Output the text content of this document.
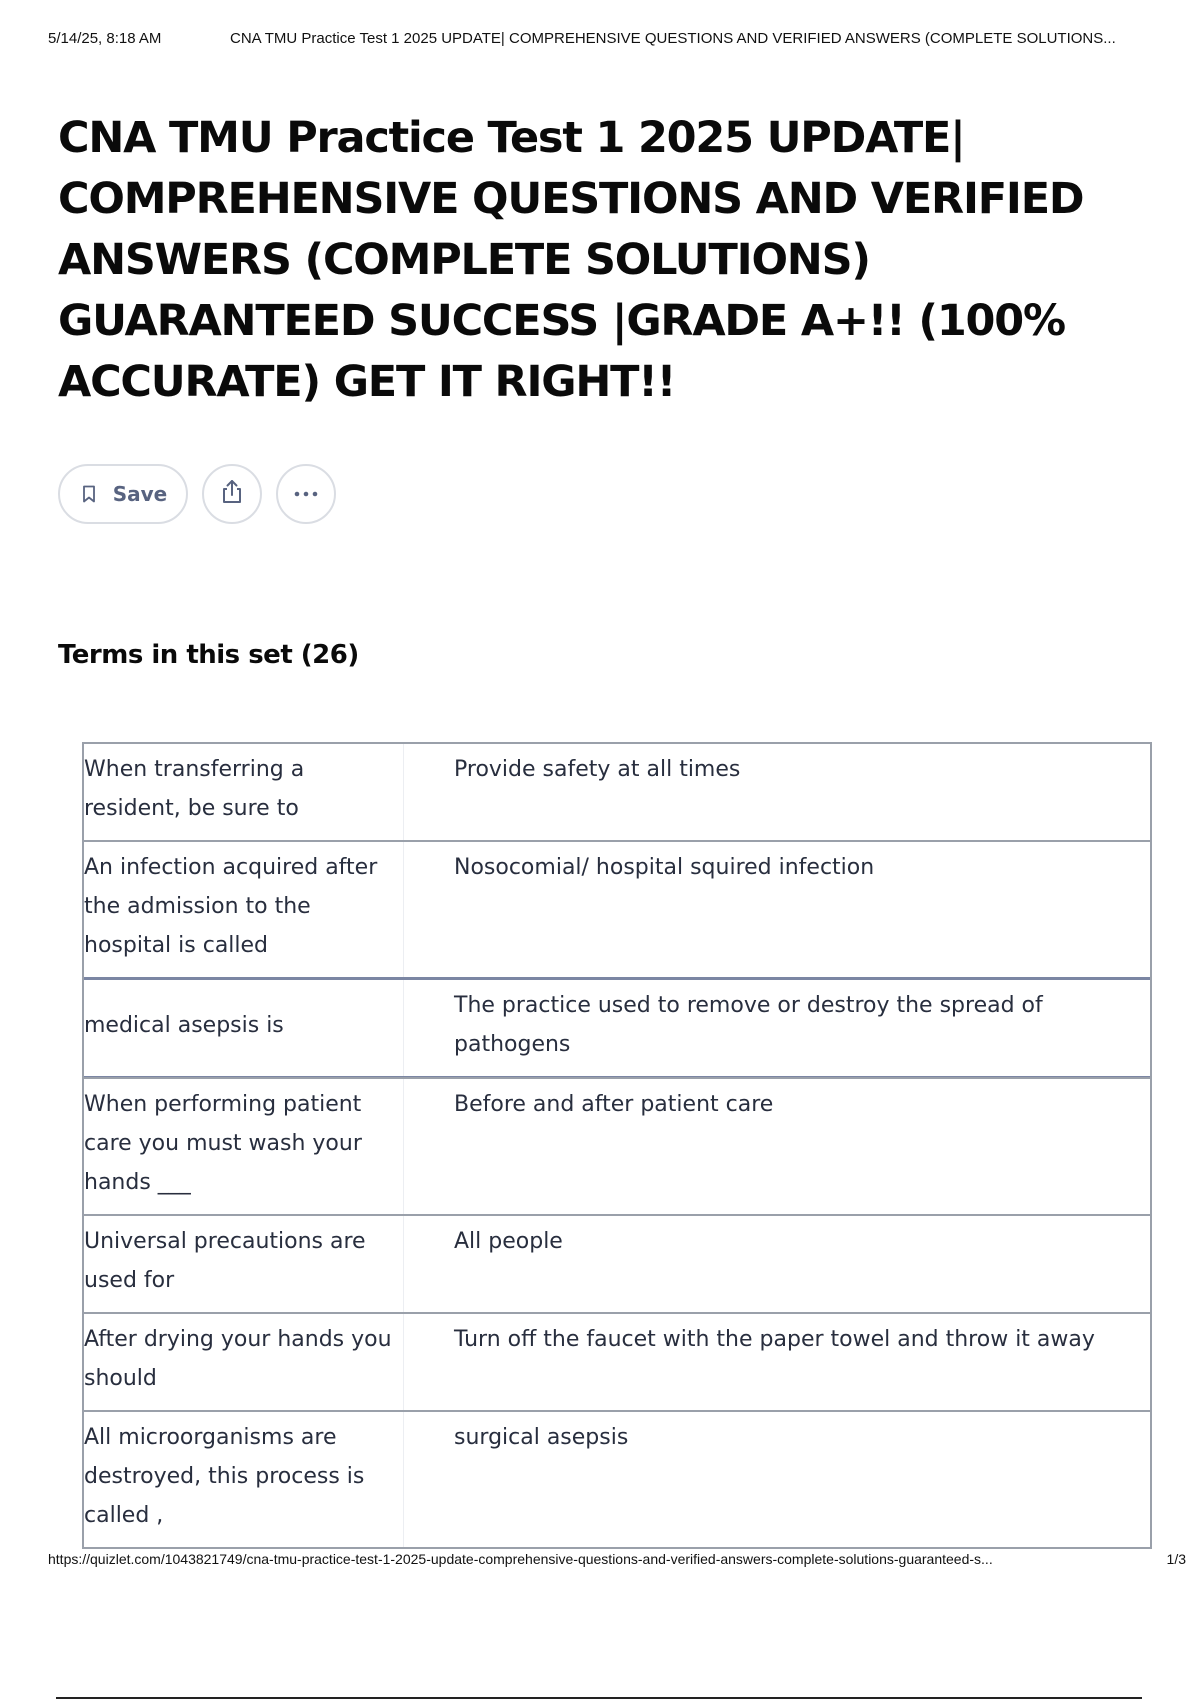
5/14/25, 8:18 AM	CNA TMU Practice Test 1 2025 UPDATE| COMPREHENSIVE QUESTIONS AND VERIFIED ANSWERS (COMPLETE SOLUTIONS...
CNA TMU Practice Test 1 2025 UPDATE| COMPREHENSIVE QUESTIONS AND VERIFIED ANSWERS (COMPLETE SOLUTIONS) GUARANTEED SUCCESS |GRADE A+!! (100% ACCURATE) GET IT RIGHT!!
Save
Terms in this set (26)
When transferring a resident, be sure to
Provide safety at all times
An infection acquired after the admission to the hospital is called
Nosocomial/ hospital squired infection
medical asepsis is
The practice used to remove or destroy the spread of pathogens
When performing patient care you must wash your hands ___
Before and after patient care
Universal precautions are used for
All people
After drying your hands you should
Turn off the faucet with the paper towel and throw it away
All microorganisms are destroyed, this process is called ,
surgical asepsis
https://quizlet.com/1043821749/cna-tmu-practice-test-1-2025-update-comprehensive-questions-and-verified-answers-complete-solutions-guaranteed-s...	1/3
